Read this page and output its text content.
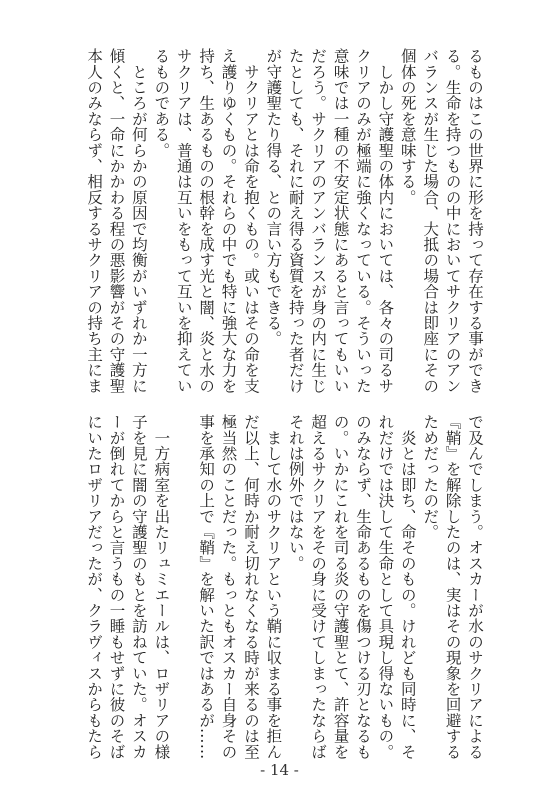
るものはこの世界に形を持って存在する事ができ
る。生命を持つものの中においてサクリアのアン
バランスが生じた場合、大抵の場合は即座にその
個体の死を意味する。
　しかし守護聖の体内においては、各々の司るサ
クリアのみが極端に強くなっている。そういった
意味では一種の不安定状態にあると言ってもいい
だろう。サクリアのアンバランスが身の内に生じ
たとしても、それに耐え得る資質を持った者だけ
が守護聖たり得る、との言い方もできる。
　サクリアとは命を抱くもの。或いはその命を支
え護りゆくもの。それらの中でも特に強大な力を
持ち、生あるものの根幹を成す光と闇、炎と水の
サクリアは、普通は互いをもって互いを抑えてい
るものである。
　ところが何らかの原因で均衡がいずれか一方に
傾くと、一命にかかわる程の悪影響がその守護聖
本人のみならず、相反するサクリアの持ち主にま
で及んでしまう。オスカーが水のサクリアによる
『鞘』を解除したのは、実はその現象を回避する
ためだったのだ。
　炎とは即ち、命そのもの。けれども同時に、そ
れだけでは決して生命として具現し得ないもの。
のみならず、生命あるものを傷つける刃となるも
の。いかにこれを司る炎の守護聖とて、許容量を
超えるサクリアをその身に受けてしまったならば
それは例外ではない。
　まして水のサクリアという鞘に収まる事を拒ん
だ以上、何時か耐え切れなくなる時が来るのは至
極当然のことだった。もっともオスカー自身その
事を承知の上で『鞘』を解いた訳ではあるが……

　一方病室を出たリュミエールは、ロザリアの様
子を見に闇の守護聖のもとを訪ねていた。オスカ
ーが倒れてからと言うもの一睡もせずに彼のそば
にいたロザリアだったが、クラヴィスからもたら
- 14 -
